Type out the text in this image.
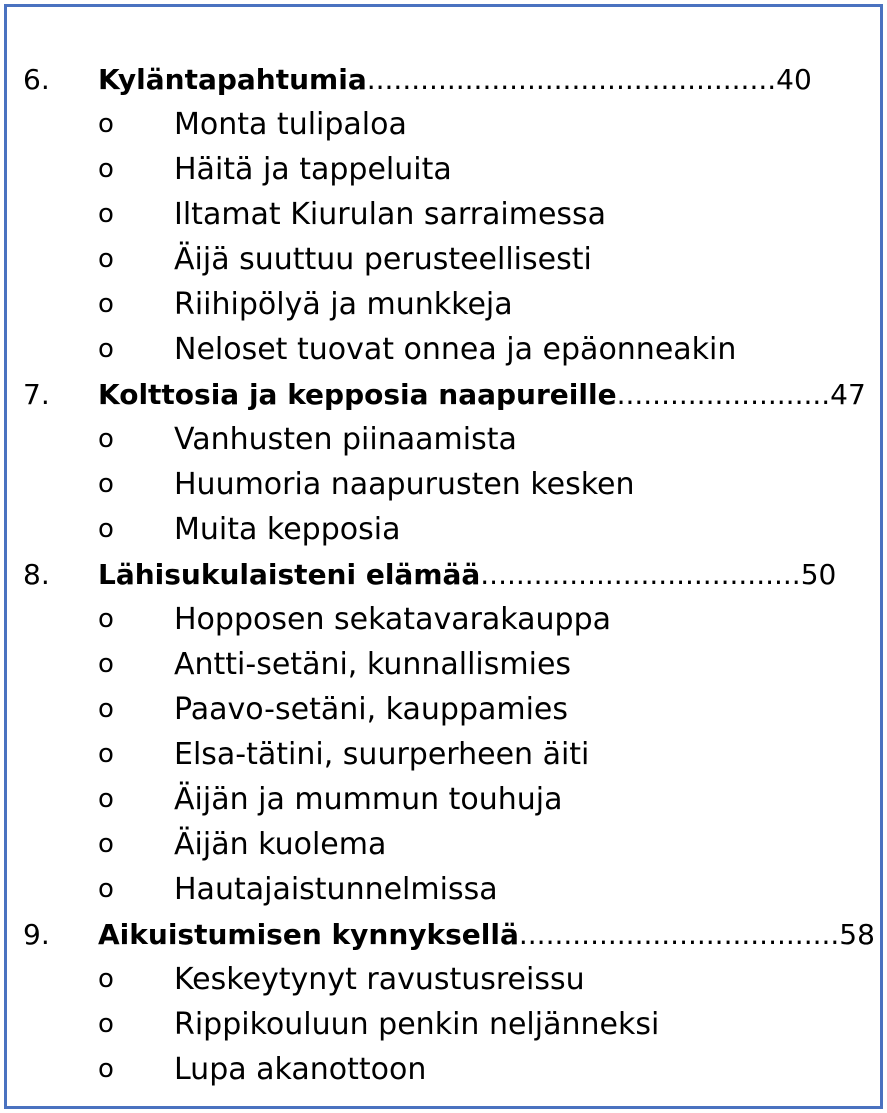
6. Kyläntapahtumia .............................................. 40
o Monta tulipaloa
o Häitä ja tappeluita
o Iltamat Kiurulan sarraimessa
o Äijä suuttuu perusteellisesti
o Riihipölyä ja munkkeja
o Neloset tuovat onnea ja epäonneakin
7. Kolttosia ja kepposia naapureille ........................ 47
o Vanhusten piinaamista
o Huumoria naapurusten kesken
o Muita kepposia
8. Lähisukulaisteni elämää .................................... 50
o Hopposen sekatavarakauppa
o Antti-setäni, kunnallismies
o Paavo-setäni, kauppamies
o Elsa-tätini, suurperheen äiti
o Äijän ja mummun touhuja
o Äijän kuolema
o Hautajaistunnelmissa
9. Aikuistumisen kynnyksellä .................................... 58
o Keskeytynyt ravustusreissu
o Rippikouluun penkin neljänneksi
o Lupa akanottoon
